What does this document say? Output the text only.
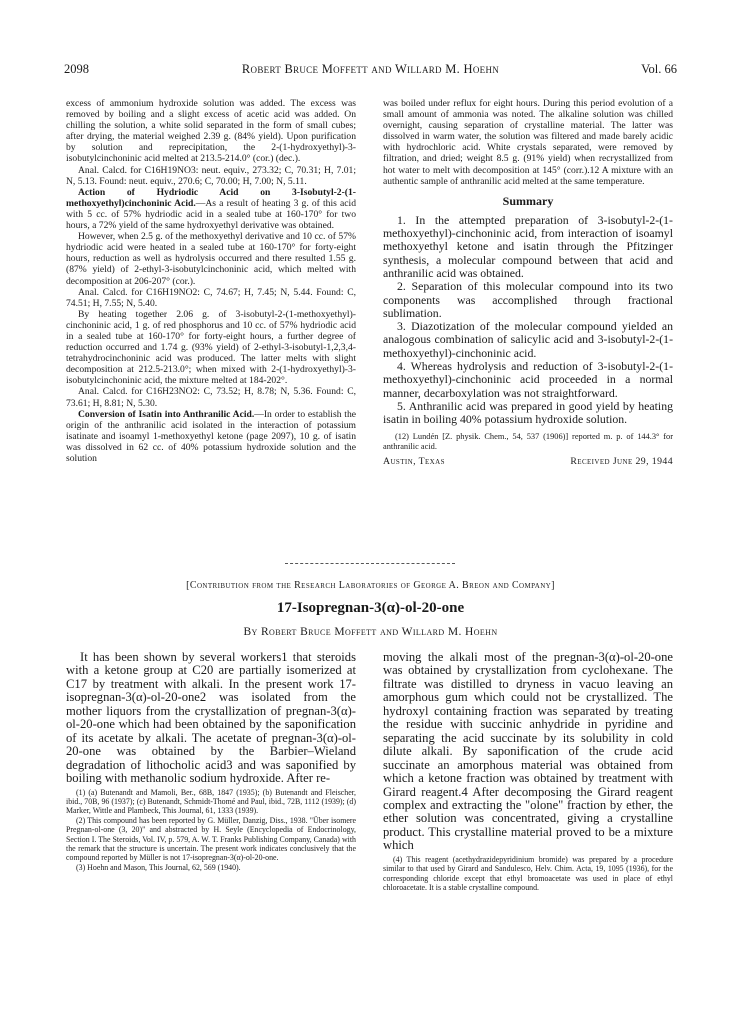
2098	Robert Bruce Moffett and Willard M. Hoehn	Vol. 66

excess of ammonium hydroxide solution was added. The excess was removed by boiling and a slight excess of acetic acid was added. On chilling the solution, a white solid separated in the form of small cubes; after drying, the material weighed 2.39 g. (84% yield). Upon purification by solution and reprecipitation, the 2-(1-hydroxyethyl)-3-isobutylcinchoninic acid melted at 213.5-214.0° (cor.) (dec.).

Anal. Calcd. for C16H19NO3: neut. equiv., 273.32; C, 70.31; H, 7.01; N, 5.13. Found: neut. equiv., 270.6; C, 70.00; H, 7.00; N, 5.11.

Action of Hydriodic Acid on 3-Isobutyl-2-(1-methoxyethyl)cinchoninic Acid.—As a result of heating 3 g. of this acid with 5 cc. of 57% hydriodic acid in a sealed tube at 160-170° for two hours, a 72% yield of the same hydroxyethyl derivative was obtained.

However, when 2.5 g. of the methoxyethyl derivative and 10 cc. of 57% hydriodic acid were heated in a sealed tube at 160-170° for forty-eight hours, reduction as well as hydrolysis occurred and there resulted 1.55 g. (87% yield) of 2-ethyl-3-isobutylcinchoninic acid, which melted with decomposition at 206-207° (cor.).

Anal. Calcd. for C16H19NO2: C, 74.67; H, 7.45; N, 5.44. Found: C, 74.51; H, 7.55; N, 5.40.

By heating together 2.06 g. of 3-isobutyl-2-(1-methoxyethyl)-cinchoninic acid, 1 g. of red phosphorus and 10 cc. of 57% hydriodic acid in a sealed tube at 160-170° for forty-eight hours, a further degree of reduction occurred and 1.74 g. (93% yield) of 2-ethyl-3-isobutyl-1,2,3,4-tetrahydrocinchoninic acid was produced. The latter melts with slight decomposition at 212.5-213.0°; when mixed with 2-(1-hydroxyethyl)-3-isobutylcinchoninic acid, the mixture melted at 184-202°.

Anal. Calcd. for C16H23NO2: C, 73.52; H, 8.78; N, 5.36. Found: C, 73.61; H, 8.81; N, 5.30.

Conversion of Isatin into Anthranilic Acid.—In order to establish the origin of the anthranilic acid isolated in the interaction of potassium isatinate and isoamyl 1-methoxyethyl ketone (page 2097), 10 g. of isatin was dissolved in 62 cc. of 40% potassium hydroxide solution and the solution

was boiled under reflux for eight hours. During this period evolution of a small amount of ammonia was noted. The alkaline solution was chilled overnight, causing separation of crystalline material. The latter was dissolved in warm water, the solution was filtered and made barely acidic with hydrochloric acid. White crystals separated, were removed by filtration, and dried; weight 8.5 g. (91% yield) when recrystallized from hot water to melt with decomposition at 145° (corr.).12 A mixture with an authentic sample of anthranilic acid melted at the same temperature.

Summary

1. In the attempted preparation of 3-isobutyl-2-(1-methoxyethyl)-cinchoninic acid, from interaction of isoamyl methoxyethyl ketone and isatin through the Pfitzinger synthesis, a molecular compound between that acid and anthranilic acid was obtained.

2. Separation of this molecular compound into its two components was accomplished through fractional sublimation.

3. Diazotization of the molecular compound yielded an analogous combination of salicylic acid and 3-isobutyl-2-(1-methoxyethyl)-cinchoninic acid.

4. Whereas hydrolysis and reduction of 3-isobutyl-2-(1-methoxyethyl)-cinchoninic acid proceeded in a normal manner, decarboxylation was not straightforward.

5. Anthranilic acid was prepared in good yield by heating isatin in boiling 40% potassium hydroxide solution.

(12) Lundén [Z. physik. Chem., 54, 537 (1906)] reported m. p. of 144.3° for anthranilic acid.

Austin, Texas	Received June 29, 1944
[Contribution from the Research Laboratories of George A. Breon and Company]
17-Isopregnan-3(α)-ol-20-one
By Robert Bruce Moffett and Willard M. Hoehn

It has been shown by several workers1 that steroids with a ketone group at C20 are partially isomerized at C17 by treatment with alkali. In the present work 17-isopregnan-3(α)-ol-20-one2 was isolated from the mother liquors from the crystallization of pregnan-3(α)-ol-20-one which had been obtained by the saponification of its acetate by alkali. The acetate of pregnan-3(α)-ol-20-one was obtained by the Barbier–Wieland degradation of lithocholic acid3 and was saponified by boiling with methanolic sodium hydroxide. After re-

(1) (a) Butenandt and Mamoli, Ber., 68B, 1847 (1935); (b) Butenandt and Fleischer, ibid., 70B, 96 (1937); (c) Butenandt, Schmidt-Thomé and Paul, ibid., 72B, 1112 (1939); (d) Marker, Wittle and Plambeck, This Journal, 61, 1333 (1939).

(2) This compound has been reported by G. Müller, Danzig, Diss., 1938. "Über isomere Pregnan-ol-one (3, 20)" and abstracted by H. Seyle (Encyclopedia of Endocrinology, Section I. The Steroids, Vol. IV, p. 579, A. W. T. Franks Publishing Company, Canada) with the remark that the structure is uncertain. The present work indicates conclusively that the compound reported by Müller is not 17-isopregnan-3(α)-ol-20-one.

(3) Hoehn and Mason, This Journal, 62, 569 (1940).

moving the alkali most of the pregnan-3(α)-ol-20-one was obtained by crystallization from cyclohexane. The filtrate was distilled to dryness in vacuo leaving an amorphous gum which could not be crystallized. The hydroxyl containing fraction was separated by treating the residue with succinic anhydride in pyridine and separating the acid succinate by its solubility in cold dilute alkali. By saponification of the crude acid succinate an amorphous material was obtained from which a ketone fraction was obtained by treatment with Girard reagent.4 After decomposing the Girard reagent complex and extracting the "olone" fraction by ether, the ether solution was concentrated, giving a crystalline product. This crystalline material proved to be a mixture which

(4) This reagent (acethydrazidepyridinium bromide) was prepared by a procedure similar to that used by Girard and Sandulesco, Helv. Chim. Acta, 19, 1095 (1936), for the corresponding chloride except that ethyl bromoacetate was used in place of ethyl chloroacetate. It is a stable crystalline compound.
